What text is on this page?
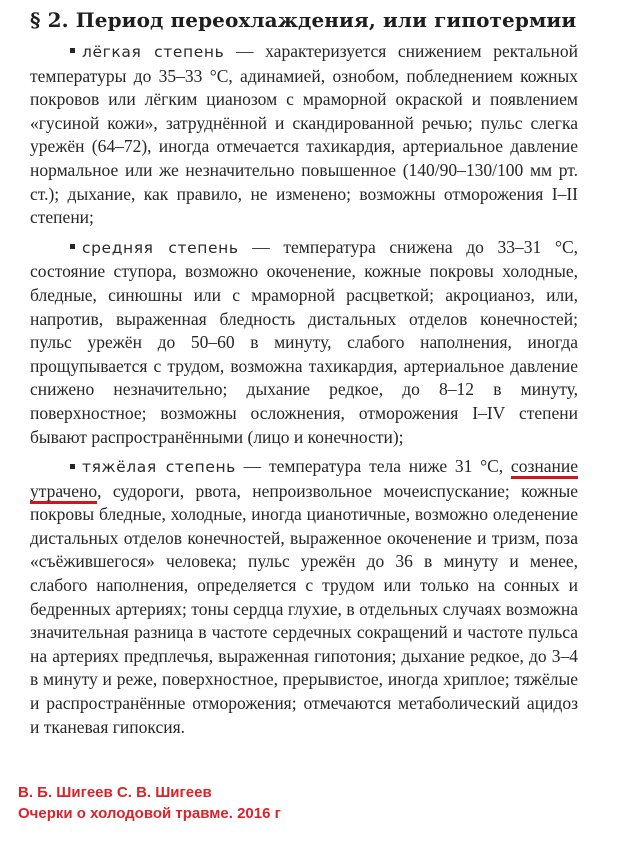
§ 2. Период переохлаждения, или гипотермии

лёгкая степень — характеризуется снижением ректальной температуры до 35–33 °С, адинамией, ознобом, побледнением кожных покровов или лёгким цианозом с мраморной окраской и появлением «гусиной кожи», затруднённой и скандированной речью; пульс слегка урежён (64–72), иногда отмечается тахикардия, артериальное давление нормальное или же незначительно повышенное (140/90–130/100 мм рт. ст.); дыхание, как правило, не изменено; возможны отморожения I–II степени;

средняя степень — температура снижена до 33–31 °С, состояние ступора, возможно окоченение, кожные покровы холодные, бледные, синюшны или с мраморной расцветкой; акроцианоз, или, напротив, выраженная бледность дистальных отделов конечностей; пульс урежён до 50–60 в минуту, слабого наполнения, иногда прощупывается с трудом, возможна тахикардия, артериальное давление снижено незначительно; дыхание редкое, до 8–12 в минуту, поверхностное; возможны осложнения, отморожения I–IV степени бывают распространёнными (лицо и конечности);

тяжёлая степень — температура тела ниже 31 °С, сознание утрачено, судороги, рвота, непроизвольное мочеиспускание; кожные покровы бледные, холодные, иногда цианотичные, возможно оледенение дистальных отделов конечностей, выраженное окоченение и тризм, поза «съёжившегося» человека; пульс урежён до 36 в минуту и менее, слабого наполнения, определяется с трудом или только на сонных и бедренных артериях; тоны сердца глухие, в отдельных случаях возможна значительная разница в частоте сердечных сокращений и частоте пульса на артериях предплечья, выраженная гипотония; дыхание редкое, до 3–4 в минуту и реже, поверхностное, прерывистое, иногда хриплое; тяжёлые и распространённые отморожения; отмечаются метаболический ацидоз и тканевая гипоксия.

В. Б. Шигеев С. В. Шигеев
Очерки о холодовой травме. 2016 г
